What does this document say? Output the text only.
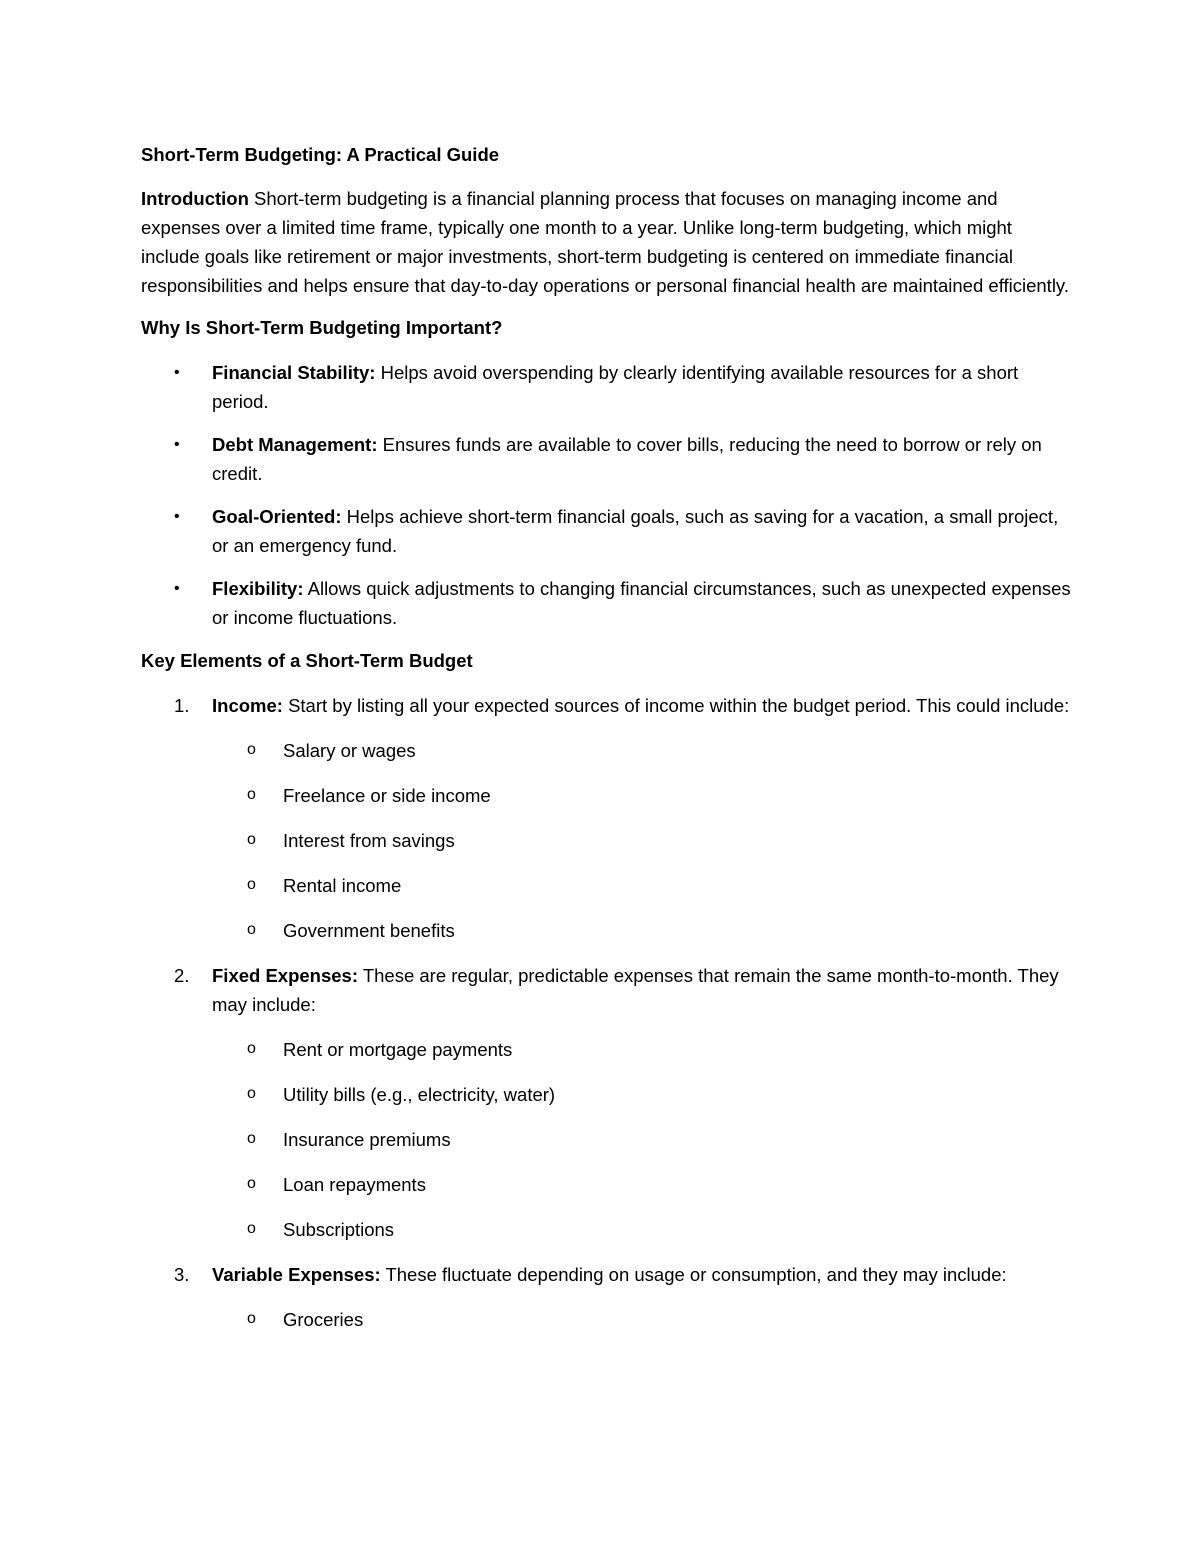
Short-Term Budgeting: A Practical Guide

Introduction Short-term budgeting is a financial planning process that focuses on managing income and expenses over a limited time frame, typically one month to a year. Unlike long-term budgeting, which might include goals like retirement or major investments, short-term budgeting is centered on immediate financial responsibilities and helps ensure that day-to-day operations or personal financial health are maintained efficiently.

Why Is Short-Term Budgeting Important?
• Financial Stability: Helps avoid overspending by clearly identifying available resources for a short period.
• Debt Management: Ensures funds are available to cover bills, reducing the need to borrow or rely on credit.
• Goal-Oriented: Helps achieve short-term financial goals, such as saving for a vacation, a small project, or an emergency fund.
• Flexibility: Allows quick adjustments to changing financial circumstances, such as unexpected expenses or income fluctuations.
Key Elements of a Short-Term Budget
1. Income: Start by listing all your expected sources of income within the budget period. This could include:
o Salary or wages
o Freelance or side income
o Interest from savings
o Rental income
o Government benefits
2. Fixed Expenses: These are regular, predictable expenses that remain the same month-to-month. They may include:
o Rent or mortgage payments
o Utility bills (e.g., electricity, water)
o Insurance premiums
o Loan repayments
o Subscriptions
3. Variable Expenses: These fluctuate depending on usage or consumption, and they may include:
o Groceries
